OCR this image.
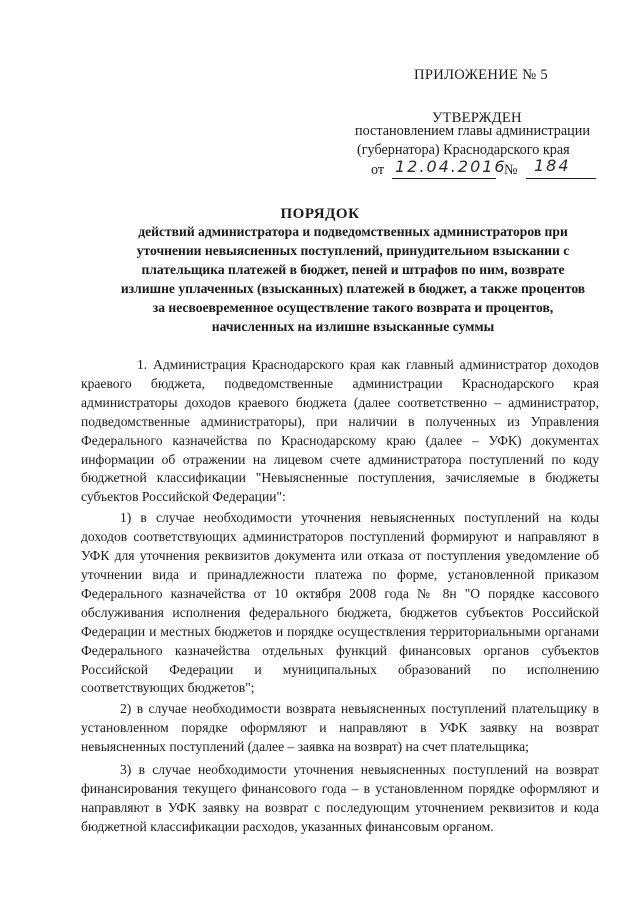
ПРИЛОЖЕНИЕ № 5
УТВЕРЖДЕН
постановлением главы администрации
(губернатора) Краснодарского края
от 12.04.2016
№ 184
ПОРЯДОК
действий администратора и подведомственных администраторов при уточнении невыясненных поступлений, принудительном взыскании с плательщика платежей в бюджет, пеней и штрафов по ним, возврате излишне уплаченных (взысканных) платежей в бюджет, а также процентов за несвоевременное осуществление такого возврата и процентов, начисленных на излишне взысканные суммы

1. Администрация Краснодарского края как главный администратор доходов краевого бюджета, подведомственные администрации Краснодарского края администраторы доходов краевого бюджета (далее соответственно – администратор, подведомственные администраторы), при наличии в полученных из Управления Федерального казначейства по Краснодарскому краю (далее – УФК) документах информации об отражении на лицевом счете администратора поступлений по коду бюджетной классификации "Невыясненные поступления, зачисляемые в бюджеты субъектов Российской Федерации":

1) в случае необходимости уточнения невыясненных поступлений на коды доходов соответствующих администраторов поступлений формируют и направляют в УФК для уточнения реквизитов документа или отказа от поступления уведомление об уточнении вида и принадлежности платежа по форме, установленной приказом Федерального казначейства от 10 октября 2008 года № 8н "О порядке кассового обслуживания исполнения федерального бюджета, бюджетов субъектов Российской Федерации и местных бюджетов и порядке осуществления территориальными органами Федерального казначейства отдельных функций финансовых органов субъектов Российской Федерации и муниципальных образований по исполнению соответствующих бюджетов";

2) в случае необходимости возврата невыясненных поступлений плательщику в установленном порядке оформляют и направляют в УФК заявку на возврат невыясненных поступлений (далее – заявка на возврат) на счет плательщика;

3) в случае необходимости уточнения невыясненных поступлений на возврат финансирования текущего финансового года – в установленном порядке оформляют и направляют в УФК заявку на возврат с последующим уточнением реквизитов и кода бюджетной классификации расходов, указанных финансовым органом.
